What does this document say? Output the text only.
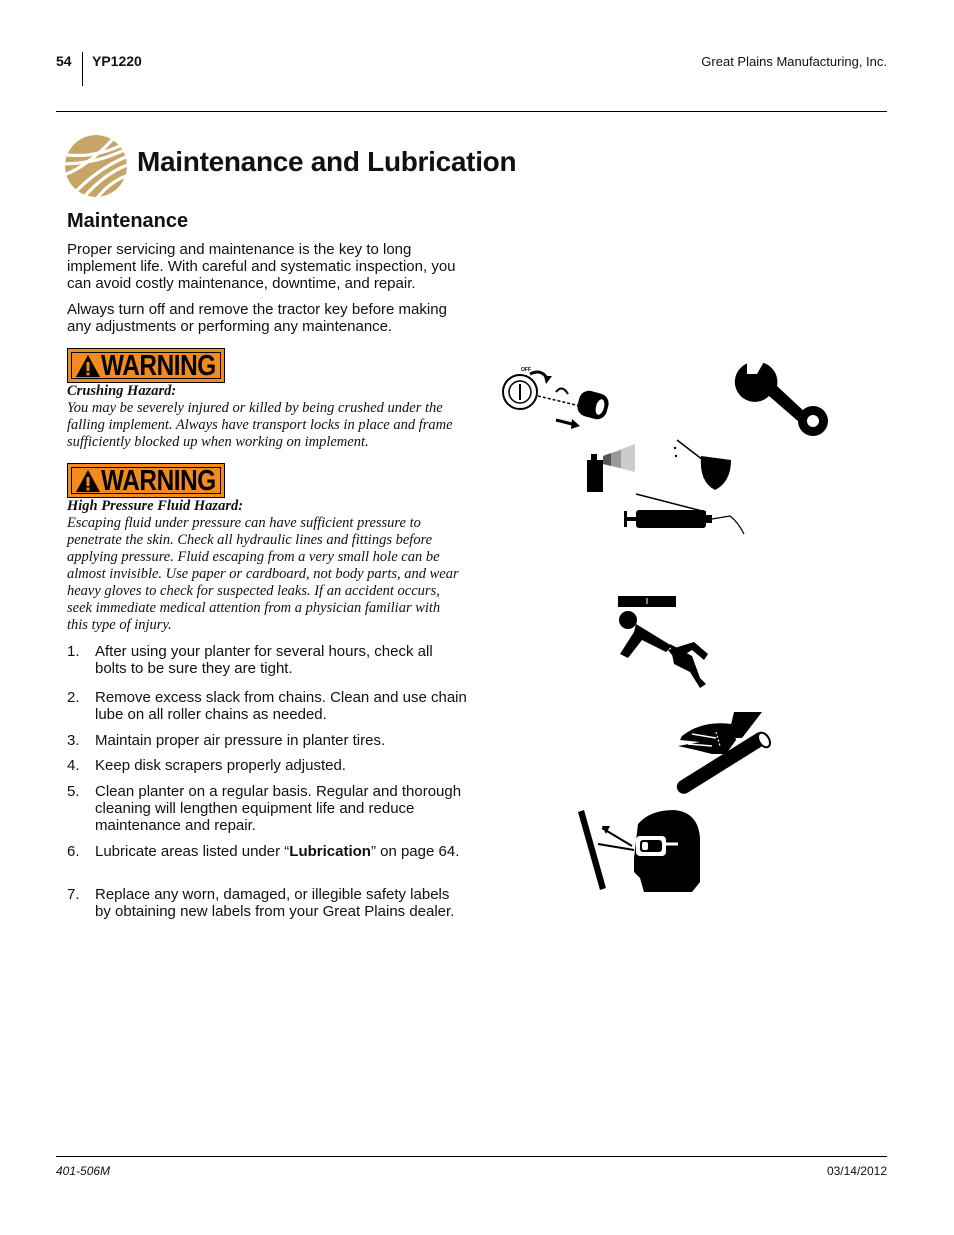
54 YP1220	Great Plains Manufacturing, Inc.
Maintenance and Lubrication
Maintenance
Proper servicing and maintenance is the key to long implement life. With careful and systematic inspection, you can avoid costly maintenance, downtime, and repair.
Always turn off and remove the tractor key before making any adjustments or performing any maintenance.
WARNING
Crushing Hazard:
You may be severely injured or killed by being crushed under the falling implement. Always have transport locks in place and frame sufficiently blocked up when working on implement.
WARNING
High Pressure Fluid Hazard:
Escaping fluid under pressure can have sufficient pressure to penetrate the skin. Check all hydraulic lines and fittings before applying pressure. Fluid escaping from a very small hole can be almost invisible. Use paper or cardboard, not body parts, and wear heavy gloves to check for suspected leaks. If an accident occurs, seek immediate medical attention from a physician familiar with this type of injury.
1. After using your planter for several hours, check all bolts to be sure they are tight.
2. Remove excess slack from chains. Clean and use chain lube on all roller chains as needed.
3. Maintain proper air pressure in planter tires.
4. Keep disk scrapers properly adjusted.
5. Clean planter on a regular basis. Regular and thorough cleaning will lengthen equipment life and reduce maintenance and repair.
6. Lubricate areas listed under “Lubrication” on page 64.
7. Replace any worn, damaged, or illegible safety labels by obtaining new labels from your Great Plains dealer.
OFF
401-506M	03/14/2012
